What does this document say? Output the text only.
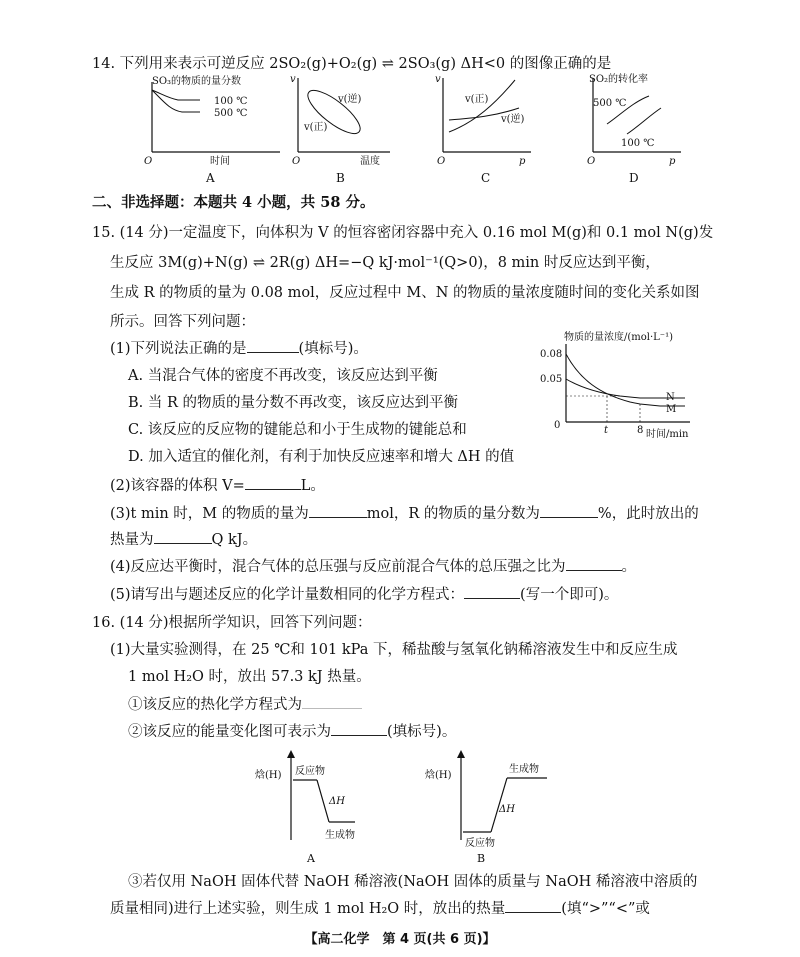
14. 下列用来表示可逆反应 2SO₂(g)+O₂(g) ⇌ 2SO₃(g) ΔH<0 的图像正确的是
SO₃的物质的量分数
100 ℃
500 ℃
O	时间
A
v
v(逆)
v(正)
O	温度
B
v
v(正)
v(逆)
O	p
C
SO₂的转化率
500 ℃
100 ℃
O	p
D
二、非选择题：本题共 4 小题，共 58 分。
15. (14 分)一定温度下，向体积为 V 的恒容密闭容器中充入 0.16 mol M(g)和 0.1 mol N(g)发
生反应 3M(g)+N(g) ⇌ 2R(g) ΔH=−Q kJ·mol⁻¹(Q>0)，8 min 时反应达到平衡，
生成 R 的物质的量为 0.08 mol，反应过程中 M、N 的物质的量浓度随时间的变化关系如图
所示。回答下列问题：
(1)下列说法正确的是	(填标号)。
A. 当混合气体的密度不再改变，该反应达到平衡
B. 当 R 的物质的量分数不再改变，该反应达到平衡
C. 该反应的反应物的键能总和小于生成物的键能总和
D. 加入适宜的催化剂，有利于加快反应速率和增大 ΔH 的值
物质的量浓度/(mol·L⁻¹)
0.08
0.05
0
N
M
t	8 时间/min
(2)该容器的体积 V=	L。
(3)t min 时，M 的物质的量为	mol，R 的物质的量分数为	%，此时放出的
热量为	Q kJ。
(4)反应达平衡时，混合气体的总压强与反应前混合气体的总压强之比为	。
(5)请写出与题述反应的化学计量数相同的化学方程式：	(写一个即可)。
16. (14 分)根据所学知识，回答下列问题：
(1)大量实验测得，在 25 ℃和 101 kPa 下，稀盐酸与氢氧化钠稀溶液发生中和反应生成
1 mol H₂O 时，放出 57.3 kJ 热量。
①该反应的热化学方程式为
②该反应的能量变化图可表示为	(填标号)。
焓(H) 反应物
ΔH
生成物
A
焓(H)
生成物
ΔH
反应物
B
③若仅用 NaOH 固体代替 NaOH 稀溶液(NaOH 固体的质量与 NaOH 稀溶液中溶质的
质量相同)进行上述实验，则生成 1 mol H₂O 时，放出的热量	(填“>”“<”或
【高二化学　第 4 页(共 6 页)】
